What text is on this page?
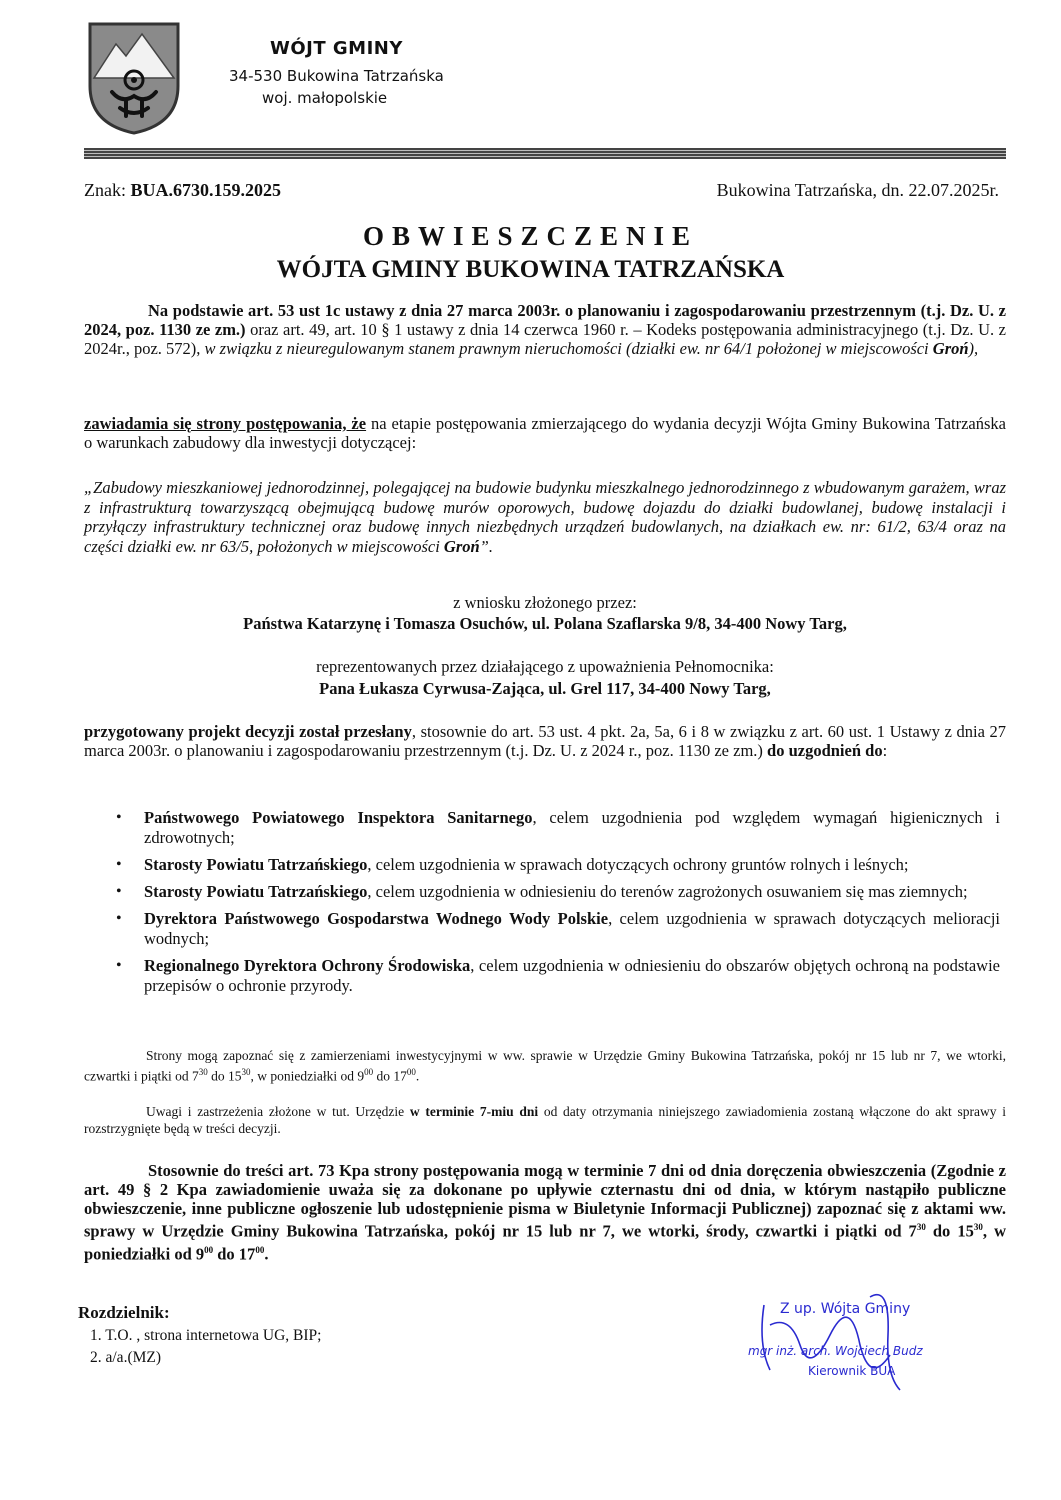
WÓJT GMINY
34-530 Bukowina Tatrzańska
woj. małopolskie
Znak: BUA.6730.159.2025	Bukowina Tatrzańska, dn. 22.07.2025r.
OBWIESZCZENIE
WÓJTA GMINY BUKOWINA TATRZAŃSKA
Na podstawie art. 53 ust 1c ustawy z dnia 27 marca 2003r. o planowaniu i zagospodarowaniu przestrzennym (t.j. Dz. U. z 2024, poz. 1130 ze zm.) oraz art. 49, art. 10 § 1 ustawy z dnia 14 czerwca 1960 r. – Kodeks postępowania administracyjnego (t.j. Dz. U. z 2024r., poz. 572), w związku z nieuregulowanym stanem prawnym nieruchomości (działki ew. nr 64/1 położonej w miejscowości Groń),
zawiadamia się strony postępowania, że na etapie postępowania zmierzającego do wydania decyzji Wójta Gminy Bukowina Tatrzańska o warunkach zabudowy dla inwestycji dotyczącej:
„Zabudowy mieszkaniowej jednorodzinnej, polegającej na budowie budynku mieszkalnego jednorodzinnego z wbudowanym garażem, wraz z infrastrukturą towarzyszącą obejmującą budowę murów oporowych, budowę dojazdu do działki budowlanej, budowę instalacji i przyłączy infrastruktury technicznej oraz budowę innych niezbędnych urządzeń budowlanych, na działkach ew. nr: 61/2, 63/4 oraz na części działki ew. nr 63/5, położonych w miejscowości Groń”.
z wniosku złożonego przez:
Państwa Katarzynę i Tomasza Osuchów, ul. Polana Szaflarska 9/8, 34-400 Nowy Targ,
reprezentowanych przez działającego z upoważnienia Pełnomocnika:
Pana Łukasza Cyrwusa-Zająca, ul. Grel 117, 34-400 Nowy Targ,
przygotowany projekt decyzji został przesłany, stosownie do art. 53 ust. 4 pkt. 2a, 5a, 6 i 8 w związku z art. 60 ust. 1 Ustawy z dnia 27 marca 2003r. o planowaniu i zagospodarowaniu przestrzennym (t.j. Dz. U. z 2024 r., poz. 1130 ze zm.) do uzgodnień do:
• Państwowego Powiatowego Inspektora Sanitarnego, celem uzgodnienia pod względem wymagań higienicznych i zdrowotnych;
• Starosty Powiatu Tatrzańskiego, celem uzgodnienia w sprawach dotyczących ochrony gruntów rolnych i leśnych;
• Starosty Powiatu Tatrzańskiego, celem uzgodnienia w odniesieniu do terenów zagrożonych osuwaniem się mas ziemnych;
• Dyrektora Państwowego Gospodarstwa Wodnego Wody Polskie, celem uzgodnienia w sprawach dotyczących melioracji wodnych;
• Regionalnego Dyrektora Ochrony Środowiska, celem uzgodnienia w odniesieniu do obszarów objętych ochroną na podstawie przepisów o ochronie przyrody.
Strony mogą zapoznać się z zamierzeniami inwestycyjnymi w ww. sprawie w Urzędzie Gminy Bukowina Tatrzańska, pokój nr 15 lub nr 7, we wtorki, czwartki i piątki od $7^{30}$ do $15^{30}$, w poniedziałki od $9^{00}$ do $17^{00}$.
Uwagi i zastrzeżenia złożone w tut. Urzędzie w terminie 7-miu dni od daty otrzymania niniejszego zawiadomienia zostaną włączone do akt sprawy i rozstrzygnięte będą w treści decyzji.
Stosownie do treści art. 73 Kpa strony postępowania mogą w terminie 7 dni od dnia doręczenia obwieszczenia (Zgodnie z art. 49 § 2 Kpa zawiadomienie uważa się za dokonane po upływie czternastu dni od dnia, w którym nastąpiło publiczne obwieszczenie, inne publiczne ogłoszenie lub udostępnienie pisma w Biuletynie Informacji Publicznej) zapoznać się z aktami ww. sprawy w Urzędzie Gminy Bukowina Tatrzańska, pokój nr 15 lub nr 7, we wtorki, środy, czwartki i piątki od $7^{30}$ do $15^{30}$, w poniedziałki od $9^{00}$ do $17^{00}$.
Rozdzielnik:
1. T.O. , strona internetowa UG, BIP;
2. a/a.(MZ)
Z up. Wójta Gminy
mgr inż. arch. Wojciech Budz
Kierownik BUA
